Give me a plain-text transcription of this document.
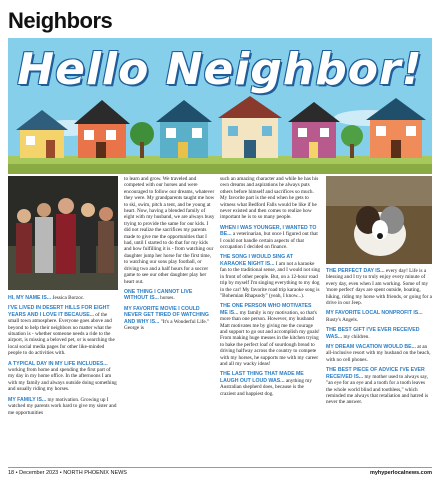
Neighbors
Hello Neighbor!

HI, MY NAME IS... Jessica Borzoc.

I'VE LIVED IN DESERT HILLS FOR EIGHT YEARS AND I LOVE IT BECAUSE... of the small town atmosphere. Everyone goes above and beyond to help their neighbors no matter what the situation is - whether someone needs a ride to the airport, is missing a beloved pet, or is searching the local social media pages for other like-minded people to do activities with.

A TYPICAL DAY IN MY LIFE INCLUDES... working from home and spending the first part of my day in my home office. In the afternoons I am with my family and always outside doing something and usually riding my horses.

MY FAMILY IS... my motivation. Growing up I watched my parents work hard to give my sister and me opportunities

to learn and grow. We traveled and competed with our horses and were encouraged to follow our dreams, whatever they were. My grandparents taught me how to ski, swim, pitch a tent, and be young at heart. Now, having a blended family of eight with my husband, we are always busy trying to provide the same for our kids. I did not realize the sacrifices my parents made to give me the opportunities that I had, until I started to do that for my kids and how fulfilling it is - from watching our daughter jump her horse for the first time, to watching our sons play football, or driving two and a half hours for a soccer game to see our other daughter play her heart out.

ONE THING I CANNOT LIVE WITHOUT IS... horses.

MY FAVORITE MOVIE I COULD NEVER GET TIRED OF WATCHING AND WHY IS... "It's a Wonderful Life." George is

such an amazing character and while he has his own dreams and aspirations he always puts others before himself and sacrifices so much. My favorite part is the end when he gets to witness what Bedford Falls would be like if he never existed and then comes to realize how important he is to so many people.

WHEN I WAS YOUNGER, I WANTED TO BE... a veterinarian, but once I figured out that I could not handle certain aspects of that occupation I decided on finance.

THE SONG I WOULD SING AT KARAOKE NIGHT IS... I am not a karaoke fan to the traditional sense, and I would not sing in front of other people. But, on a 12-hour road trip by myself I'm singing everything to my dog in the car! My favorite road trip karaoke song is "Bohemian Rhapsody" (yeah, I know...).

THE ONE PERSON WHO MOTIVATES ME IS... my family is my motivation, so that's more than one person. However, my husband Matt motivates me by giving me the courage and support to go out and accomplish my goals! From making huge messes in the kitchen trying to bake the perfect loaf of sourdough bread to driving halfway across the country to compete with my horses, he supports me with my career and all my wacky ideas!

THE LAST THING THAT MADE ME LAUGH OUT LOUD WAS... anything my Australian shepherd does, because is the craziest and happiest dog.

THE PERFECT DAY IS... every day! Life is a blessing and I try to truly enjoy every minute of every day, even when I am working. Some of my 'more perfect' days are spent outside, boating, hiking, riding my horse with friends, or going for a drive in our Jeep.

MY FAVORITE LOCAL NONPROFIT IS... Rusty's Angels.

THE BEST GIFT I'VE EVER RECEIVED WAS... my children.

MY DREAM VACATION WOULD BE... at an all-inclusive resort with my husband on the beach, with no cell phones.

THE BEST PIECE OF ADVICE I'VE EVER RECEIVED IS... my mother used to always say, "an eye for an eye and a tooth for a tooth leaves the whole world blind and toothless," which reminded me always that retaliation and hatred is never the answer.

18 • December 2023 • NORTH PHOENIX NEWS	myhyperlocalnews.com
